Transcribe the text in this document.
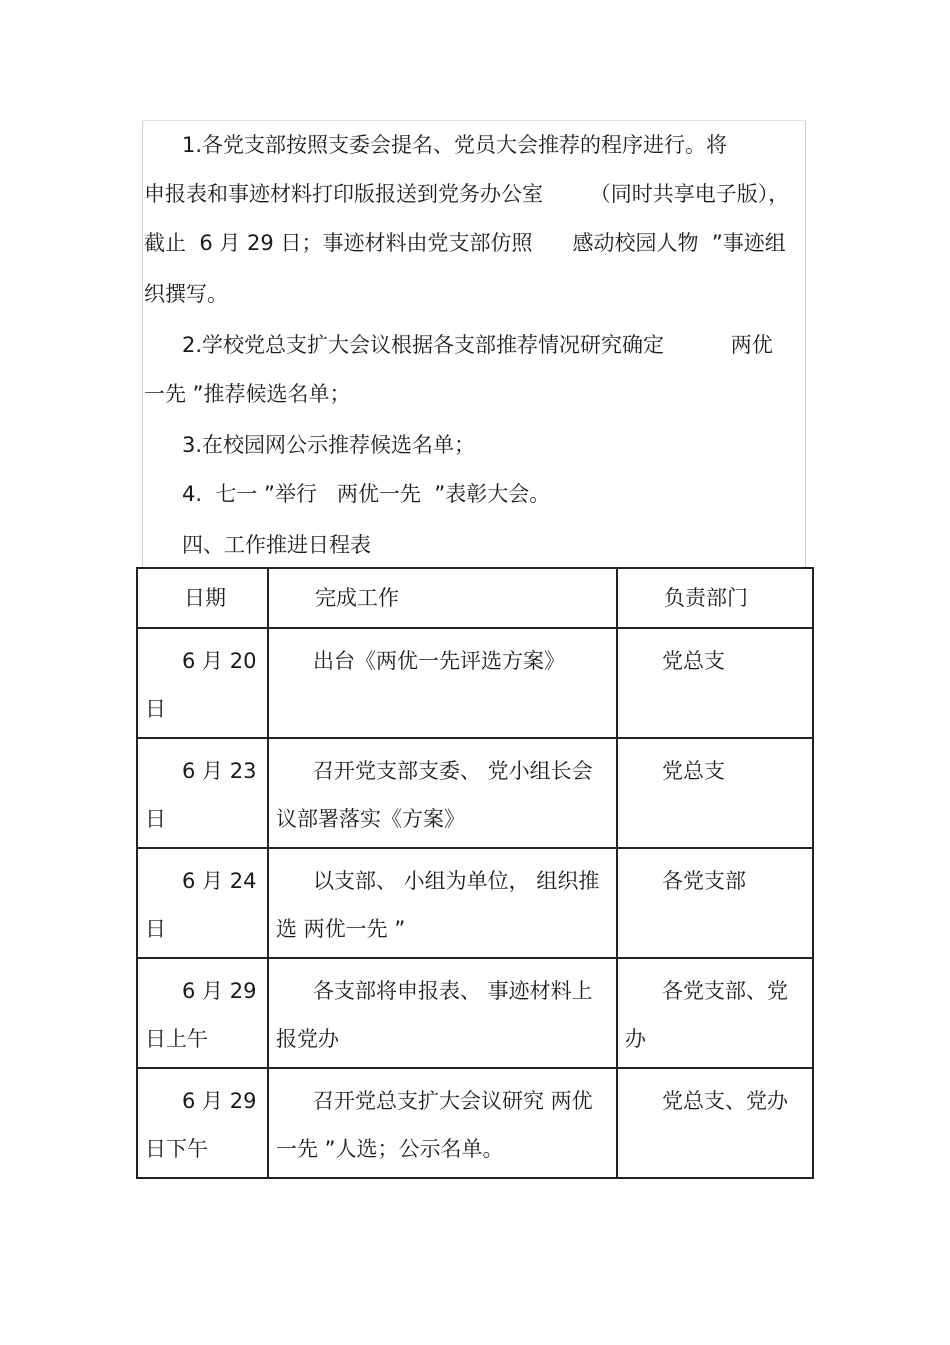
1.各党支部按照支委会提名、党员大会推荐的程序进行。将
申报表和事迹材料打印版报送到党务办公室       （同时共享电子版），
截止  6 月 29 日；事迹材料由党支部仿照      感动校园人物  ”事迹组
织撰写。
2.学校党总支扩大会议根据各支部推荐情况研究确定          两优
一先 ”推荐候选名单；
3.在校园网公示推荐候选名单；
4.  七一 ”举行   两优一先  ”表彰大会。
四、工作推进日程表
日期	完成工作	负责部门

6 月 20 日	出台《两优一先评选方案》	党总支

6 月 23 日	召开党支部支委、 党小组长会议部署落实《方案》	党总支

6 月 24 日	以支部、 小组为单位， 组织推选 两优一先 ”	各党支部

6 月 29 日上午	各支部将申报表、 事迹材料上报党办	各党支部、党办

6 月 29 日下午	召开党总支扩大会议研究 两优一先 ”人选；公示名单。	党总支、党办
